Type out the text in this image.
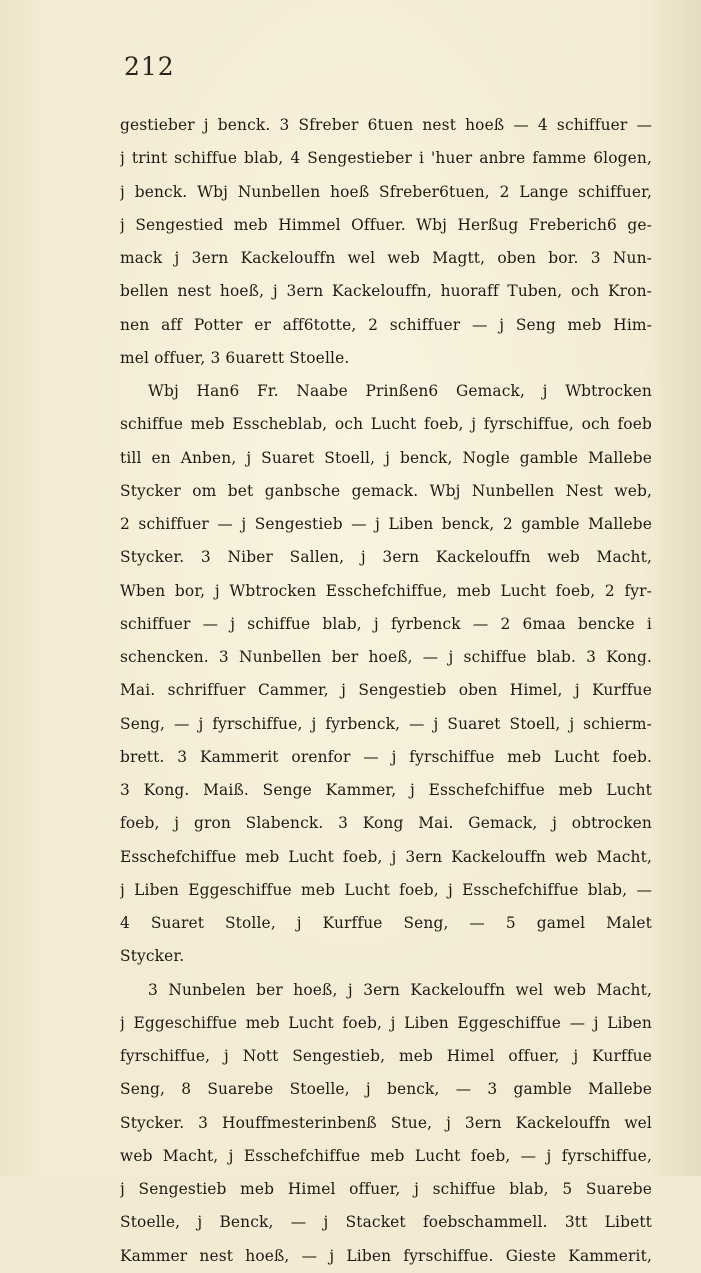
212
gestieber j benck. 3 Sfreber 6tuen nest hoeß — 4 schiffuer —
j trint schiffue blab, 4 Sengestieber i 'huer anbre famme 6logen,
j benck. Wbj Nunbellen hoeß Sfreber6tuen, 2 Lange schiffuer,
j Sengestied meb Himmel Offuer. Wbj Herßug Freberich6 ge-
mack j 3ern Kackelouffn wel web Magtt, oben bor. 3 Nun-
bellen nest hoeß, j 3ern Kackelouffn, huoraff Tuben, och Kron-
nen aff Potter er aff6totte, 2 schiffuer — j Seng meb Him-
mel offuer, 3 6uarett Stoelle.
Wbj Han6 Fr. Naabe Prinßen6 Gemack, j Wbtrocken
schiffue meb Esscheblab, och Lucht foeb, j fyrschiffue, och foeb
till en Anben, j Suaret Stoell, j benck, Nogle gamble Mallebe
Stycker om bet ganbsche gemack. Wbj Nunbellen Nest web,
2 schiffuer — j Sengestieb — j Liben benck, 2 gamble Mallebe
Stycker. 3 Niber Sallen, j 3ern Kackelouffn web Macht,
Wben bor, j Wbtrocken Esschefchiffue, meb Lucht foeb, 2 fyr-
schiffuer — j schiffue blab, j fyrbenck — 2 6maa bencke i
schencken. 3 Nunbellen ber hoeß, — j schiffue blab. 3 Kong.
Mai. schriffuer Cammer, j Sengestieb oben Himel, j Kurffue
Seng, — j fyrschiffue, j fyrbenck, — j Suaret Stoell, j schierm-
brett. 3 Kammerit orenfor — j fyrschiffue meb Lucht foeb.
3 Kong. Maiß. Senge Kammer, j Esschefchiffue meb Lucht
foeb, j gron Slabenck. 3 Kong Mai. Gemack, j obtrocken
Esschefchiffue meb Lucht foeb, j 3ern Kackelouffn web Macht,
j Liben Eggeschiffue meb Lucht foeb, j Esschefchiffue blab, —
4 Suaret Stolle, j Kurffue Seng, — 5 gamel Malet
Stycker.
3 Nunbelen ber hoeß, j 3ern Kackelouffn wel web Macht,
j Eggeschiffue meb Lucht foeb, j Liben Eggeschiffue — j Liben
fyrschiffue, j Nott Sengestieb, meb Himel offuer, j Kurffue
Seng, 8 Suarebe Stoelle, j benck, — 3 gamble Mallebe
Stycker. 3 Houffmesterinbenß Stue, j 3ern Kackelouffn wel
web Macht, j Esschefchiffue meb Lucht foeb, — j fyrschiffue,
j Sengestieb meb Himel offuer, j schiffue blab, 5 Suarebe
Stoelle, j Benck, — j Stacket foebschammell. 3tt Libett
Kammer nest hoeß, — j Liben fyrschiffue. Gieste Kammerit,
